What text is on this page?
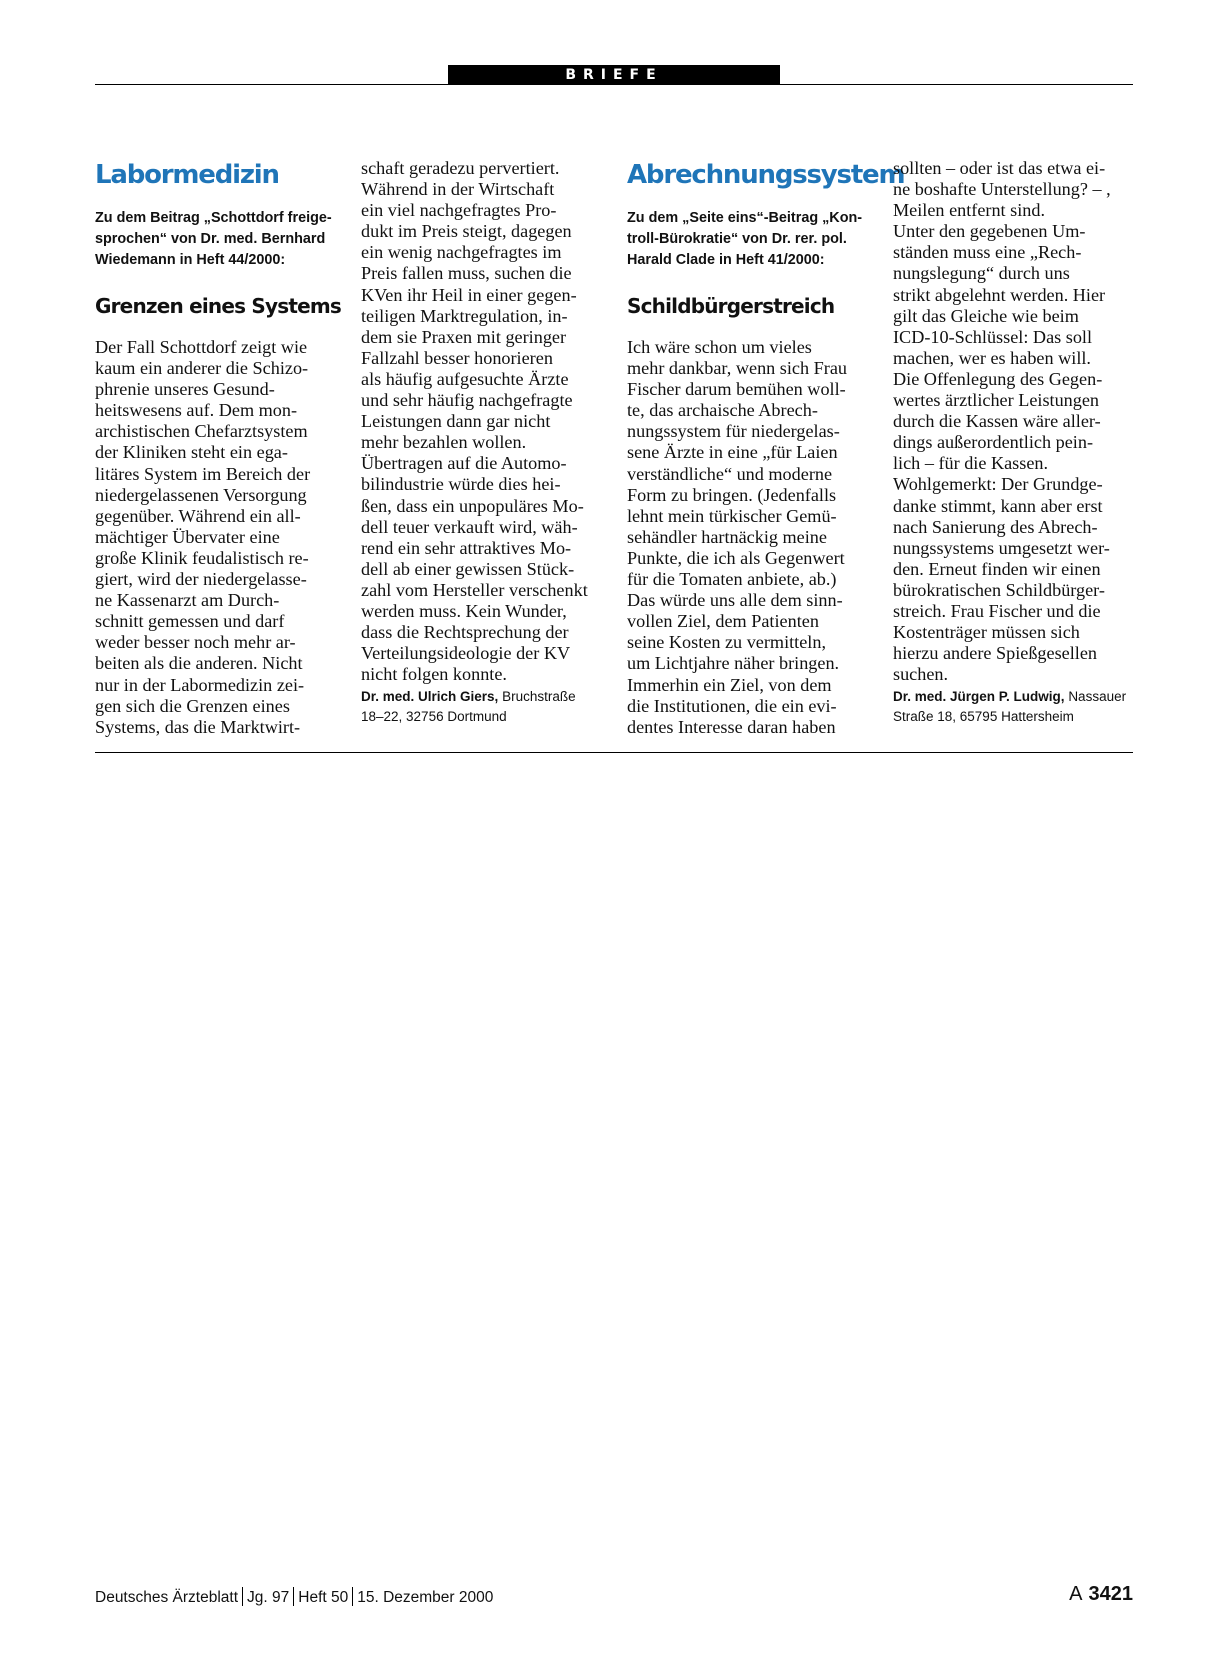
BRIEFE
Labormedizin
Zu dem Beitrag „Schottdorf freige-
sprochen“ von Dr. med. Bernhard
Wiedemann in Heft 44/2000:
Grenzen eines Systems

Der Fall Schottdorf zeigt wie
kaum ein anderer die Schizo-
phrenie unseres Gesund-
heitswesens auf. Dem mon-
archistischen Chefarztsystem
der Kliniken steht ein ega-
litäres System im Bereich der
niedergelassenen Versorgung
gegenüber. Während ein all-
mächtiger Übervater eine
große Klinik feudalistisch re-
giert, wird der niedergelasse-
ne Kassenarzt am Durch-
schnitt gemessen und darf
weder besser noch mehr ar-
beiten als die anderen. Nicht
nur in der Labormedizin zei-
gen sich die Grenzen eines
Systems, das die Marktwirt-

schaft geradezu pervertiert.
Während in der Wirtschaft
ein viel nachgefragtes Pro-
dukt im Preis steigt, dagegen
ein wenig nachgefragtes im
Preis fallen muss, suchen die
KVen ihr Heil in einer gegen-
teiligen Marktregulation, in-
dem sie Praxen mit geringer
Fallzahl besser honorieren
als häufig aufgesuchte Ärzte
und sehr häufig nachgefragte
Leistungen dann gar nicht
mehr bezahlen wollen.
Übertragen auf die Automo-
bilindustrie würde dies hei-
ßen, dass ein unpopuläres Mo-
dell teuer verkauft wird, wäh-
rend ein sehr attraktives Mo-
dell ab einer gewissen Stück-
zahl vom Hersteller verschenkt
werden muss. Kein Wunder,
dass die Rechtsprechung der
Verteilungsideologie der KV
nicht folgen konnte.

Dr. med. Ulrich Giers, Bruchstraße
18–22, 32756 Dortmund
Abrechnungssystem
Zu dem „Seite eins“-Beitrag „Kon-
troll-Bürokratie“ von Dr. rer. pol.
Harald Clade in Heft 41/2000:
Schildbürgerstreich

Ich wäre schon um vieles
mehr dankbar, wenn sich Frau
Fischer darum bemühen woll-
te, das archaische Abrech-
nungssystem für niedergelas-
sene Ärzte in eine „für Laien
verständliche“ und moderne
Form zu bringen. (Jedenfalls
lehnt mein türkischer Gemü-
sehändler hartnäckig meine
Punkte, die ich als Gegenwert
für die Tomaten anbiete, ab.)
Das würde uns alle dem sinn-
vollen Ziel, dem Patienten
seine Kosten zu vermitteln,
um Lichtjahre näher bringen.
Immerhin ein Ziel, von dem
die Institutionen, die ein evi-
dentes Interesse daran haben

sollten – oder ist das etwa ei-
ne boshafte Unterstellung? – ,
Meilen entfernt sind.
Unter den gegebenen Um-
ständen muss eine „Rech-
nungslegung“ durch uns
strikt abgelehnt werden. Hier
gilt das Gleiche wie beim
ICD-10-Schlüssel: Das soll
machen, wer es haben will.
Die Offenlegung des Gegen-
wertes ärztlicher Leistungen
durch die Kassen wäre aller-
dings außerordentlich pein-
lich – für die Kassen.
Wohlgemerkt: Der Grundge-
danke stimmt, kann aber erst
nach Sanierung des Abrech-
nungssystems umgesetzt wer-
den. Erneut finden wir einen
bürokratischen Schildbürger-
streich. Frau Fischer und die
Kostenträger müssen sich
hierzu andere Spießgesellen
suchen.

Dr. med. Jürgen P. Ludwig, Nassauer
Straße 18, 65795 Hattersheim
Deutsches Ärzteblatt Jg. 97 Heft 50 15. Dezember 2000	A 3421
